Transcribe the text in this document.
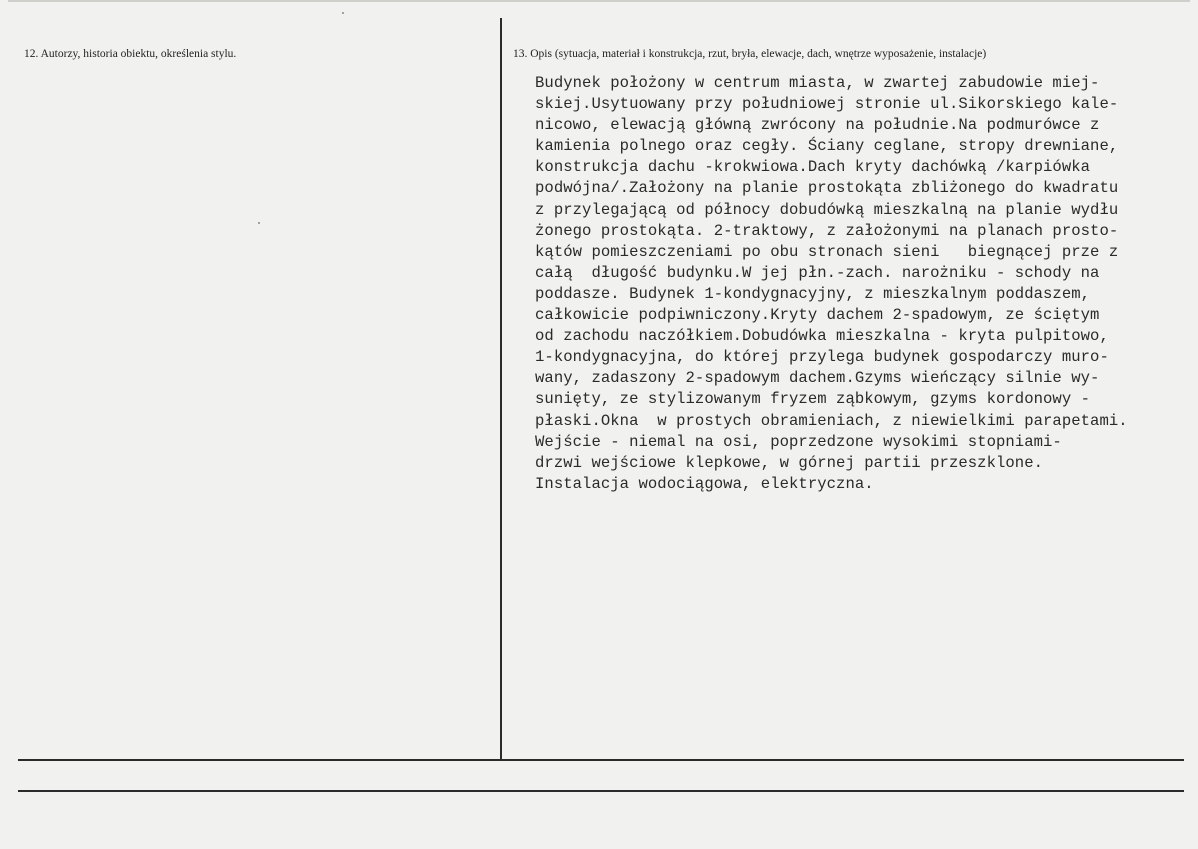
12. Autorzy, historia obiektu, określenia stylu.	13. Opis (sytuacja, materiał i konstrukcja, rzut, bryła, elewacje, dach, wnętrze wyposażenie, instalacje)
Budynek położony w centrum miasta, w zwartej zabudowie miej-
skiej.Usytuowany przy południowej stronie ul.Sikorskiego kale-
nicowo, elewacją główną zwrócony na południe.Na podmurówce z
kamienia polnego oraz cegły. Ściany ceglane, stropy drewniane,
konstrukcja dachu -krokwiowa.Dach kryty dachówką /karpiówka
podwójna/.Założony na planie prostokąta zbliżonego do kwadratu
z przylegającą od północy dobudówką mieszkalną na planie wydłu
żonego prostokąta. 2-traktowy, z założonymi na planach prosto-
kątów pomieszczeniami po obu stronach sieni   biegnącej prze z
całą  długość budynku.W jej płn.-zach. narożniku - schody na
poddasze. Budynek 1-kondygnacyjny, z mieszkalnym poddaszem,
całkowicie podpiwniczony.Kryty dachem 2-spadowym, ze ściętym
od zachodu naczółkiem.Dobudówka mieszkalna - kryta pulpitowo,
1-kondygnacyjna, do której przylega budynek gospodarczy muro-
wany, zadaszony 2-spadowym dachem.Gzyms wieńczący silnie wy-
sunięty, ze stylizowanym fryzem ząbkowym, gzyms kordonowy -
płaski.Okna  w prostych obramieniach, z niewielkimi parapetami.
Wejście - niemal na osi, poprzedzone wysokimi stopniami-
drzwi wejściowe klepkowe, w górnej partii przeszklone.
Instalacja wodociągowa, elektryczna.
